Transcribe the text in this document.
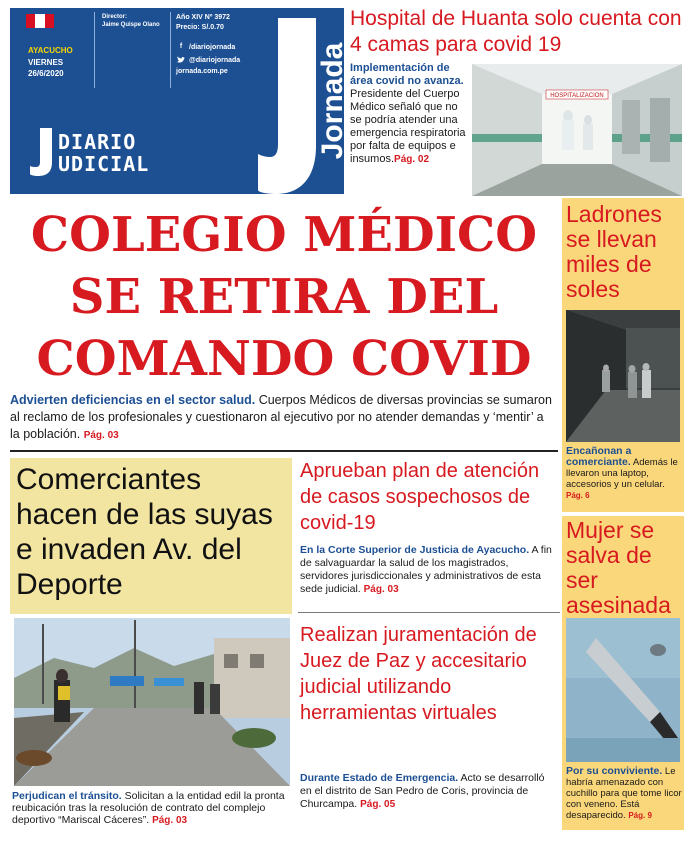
AYACUCHO
VIERNES
26/6/2020
Director:
Jaime Quispe Olano
Año XIV Nº 3972
Precio: S/.0.70
f /diariojornada
@diariojornada
jornada.com.pe	Jornada
DIARIO
UDICIAL
Hospital de Huanta solo cuenta con 4 camas para covid 19
Implementación de área covid no avanza. Presidente del Cuerpo Médico señaló que no se podría atender una emergencia respiratoria por falta de equipos e insumos.Pág. 02
HOSPITALIZACION
COLEGIO MÉDICO
SE RETIRA DEL
COMANDO COVID
Advierten deficiencias en el sector salud. Cuerpos Médicos de diversas provincias se sumaron al reclamo de los profesionales y cuestionaron al ejecutivo por no atender demandas y ‘mentir’ a la población. Pág. 03
Ladrones se llevan miles de soles
Encañonan a comerciante. Además le llevaron una laptop, accesorios y un celular. Pág. 6
Mujer se salva de ser asesinada
Por su conviviente. Le habría amenazado con cuchillo para que tome licor con veneno. Está desaparecido. Pág. 9
Comerciantes hacen de las suyas e invaden Av. del Deporte
Perjudican el tránsito. Solicitan a la entidad edil la pronta reubicación tras la resolución de contrato del complejo deportivo “Mariscal Cáceres”. Pág. 03
Aprueban plan de atención de casos sospechosos de covid-19
En la Corte Superior de Justicia de Ayacucho. A fin de salvaguardar la salud de los magistrados, servidores jurisdiccionales y administrativos de esta sede judicial. Pág. 03
Realizan juramentación de Juez de Paz y accesitario judicial utilizando herramientas virtuales
Durante Estado de Emergencia. Acto se desarrolló en el distrito de San Pedro de Coris, provincia de Churcampa. Pág. 05
